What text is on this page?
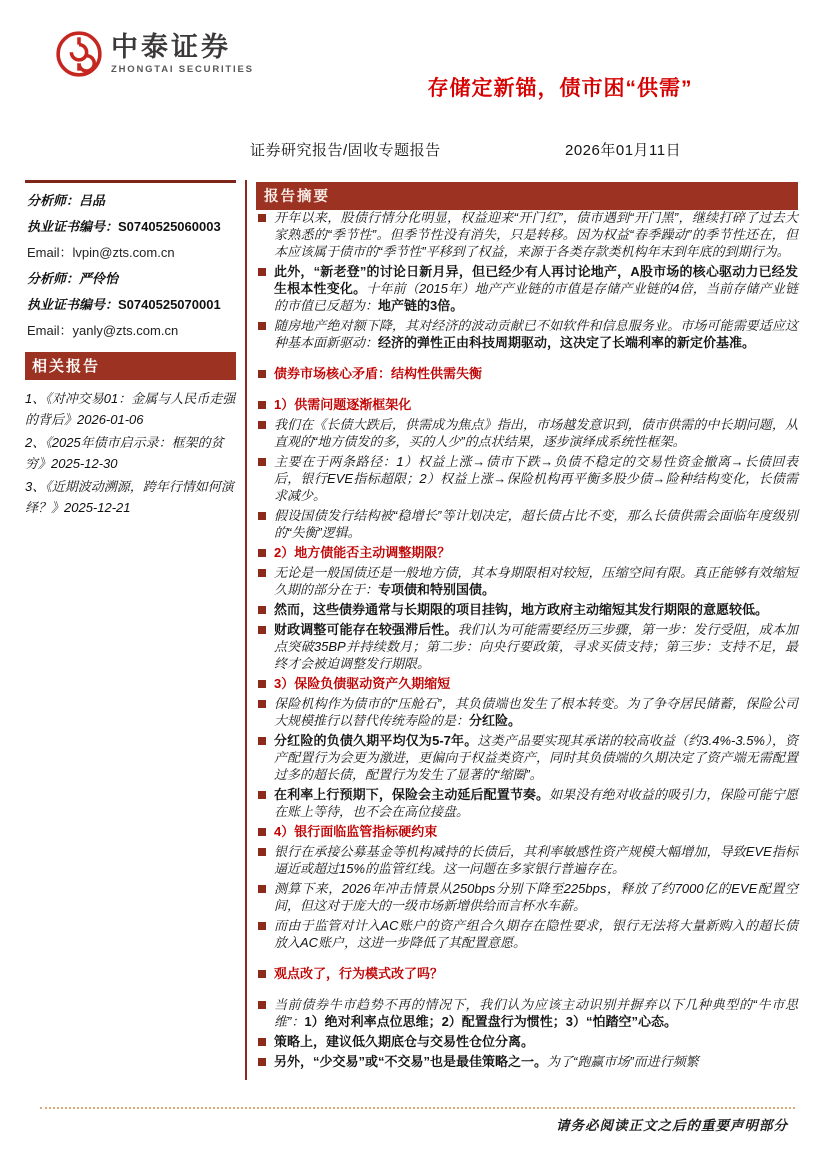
中泰证券
ZHONGTAI SECURITIES
存储定新锚，债市困“供需”
证券研究报告/固收专题报告	2026年01月11日
分析师：吕品
执业证书编号：S0740525060003
Email：lvpin@zts.com.cn
分析师：严伶怡
执业证书编号：S0740525070001
Email：yanly@zts.com.cn
相关报告
1、《对冲交易01：金属与人民币走强的背后》2026-01-06
2、《2025年债市启示录：框架的贫穷》2025-12-30
3、《近期波动溯源，跨年行情如何演绎？》2025-12-21
报告摘要
开年以来，股债行情分化明显，权益迎来“开门红”，债市遇到“开门黑”，继续打碎了过去大家熟悉的“季节性”。但季节性没有消失，只是转移。因为权益“春季躁动”的季节性还在，但本应该属于债市的“季节性”平移到了权益，来源于各类存款类机构年末到年底的到期行为。
此外，“新老登”的讨论日新月异，但已经少有人再讨论地产，A股市场的核心驱动力已经发生根本性变化。十年前（2015年）地产产业链的市值是存储产业链的4倍，当前存储产业链的市值已反超为：地产链的3倍。
随房地产绝对额下降，其对经济的波动贡献已不如软件和信息服务业。市场可能需要适应这种基本面新驱动：经济的弹性正由科技周期驱动，这决定了长端利率的新定价基准。
债券市场核心矛盾：结构性供需失衡
1）供需问题逐渐框架化
我们在《长债大跌后，供需成为焦点》指出，市场越发意识到，债市供需的中长期问题，从直观的“地方债发的多，买的人少”的点状结果，逐步演绎成系统性框架。
主要在于两条路径：1）权益上涨→债市下跌→负债不稳定的交易性资金撤离→长债回表后，银行EVE指标超限；2）权益上涨→保险机构再平衡多股少债→险种结构变化，长债需求减少。
假设国债发行结构被“稳增长”等计划决定，超长债占比不变，那么长债供需会面临年度级别的“失衡”逻辑。
2）地方债能否主动调整期限？
无论是一般国债还是一般地方债，其本身期限相对较短，压缩空间有限。真正能够有效缩短久期的部分在于：专项债和特别国债。
然而，这些债券通常与长期限的项目挂钩，地方政府主动缩短其发行期限的意愿较低。
财政调整可能存在较强滞后性。我们认为可能需要经历三步骤，第一步：发行受阻，成本加点突破35BP并持续数月；第二步：向央行要政策，寻求买债支持；第三步：支持不足，最终才会被迫调整发行期限。
3）保险负债驱动资产久期缩短
保险机构作为债市的“压舱石”，其负债端也发生了根本转变。为了争夺居民储蓄，保险公司大规模推行以替代传统寿险的是：分红险。
分红险的负债久期平均仅为5-7年。这类产品要实现其承诺的较高收益（约3.4%-3.5%），资产配置行为会更为激进，更偏向于权益类资产，同时其负债端的久期决定了资产端无需配置过多的超长债，配置行为发生了显著的“缩圈”。
在利率上行预期下，保险会主动延后配置节奏。如果没有绝对收益的吸引力，保险可能宁愿在账上等待，也不会在高位接盘。
4）银行面临监管指标硬约束
银行在承接公募基金等机构减持的长债后，其利率敏感性资产规模大幅增加，导致EVE指标逼近或超过15%的监管红线。这一问题在多家银行普遍存在。
测算下来，2026年冲击情景从250bps分别下降至225bps，释放了约7000亿的EVE配置空间，但这对于庞大的一级市场新增供给而言杯水车薪。
而由于监管对计入AC账户的资产组合久期存在隐性要求，银行无法将大量新购入的超长债放入AC账户，这进一步降低了其配置意愿。
观点改了，行为模式改了吗？
当前债券牛市趋势不再的情况下，我们认为应该主动识别并摒弃以下几种典型的“牛市思维”：1）绝对利率点位思维；2）配置盘行为惯性；3）“怕踏空”心态。
策略上，建议低久期底仓与交易性仓位分离。
另外，“少交易”或“不交易”也是最佳策略之一。为了“跑赢市场”而进行频繁
请务必阅读正文之后的重要声明部分
